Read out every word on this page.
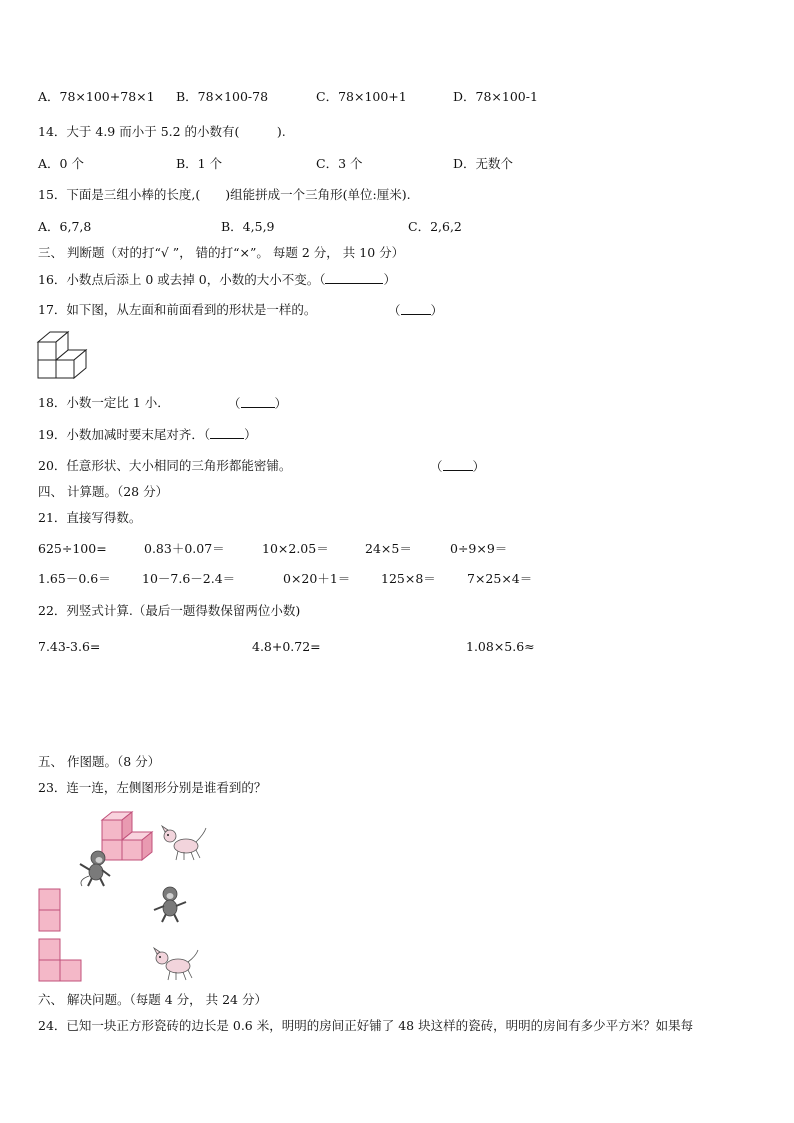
A．78×100+78×1 B．78×100-78	C．78×100+1	D．78×100-1
14．大于 4.9 而小于 5.2 的小数有(　　　).
A．0 个	B．1 个	C．3 个	D．无数个
15．下面是三组小棒的长度,(　　)组能拼成一个三角形(单位:厘米).
A．6,7,8	B．4,5,9	C．2,6,2
三、 判断题（对的打“√ ”， 错的打“×”。 每题 2 分， 共 10 分）
16．小数点后添上 0 或去掉 0，小数的大小不变。（	）
17．如下图，从左面和前面看到的形状是一样的。	（ ）
18．小数一定比 1 小．	（	）
19．小数加减时要末尾对齐．（	）
20．任意形状、大小相同的三角形都能密铺。	（ ）
四、 计算题。（28 分）
21．直接写得数。
625÷100=	0.83＋0.07＝	10×2.05＝	24×5＝	0÷9×9＝
1.65－0.6＝	10－7.6－2.4＝	0×20＋1＝ 125×8＝ 7×25×4＝
22．列竖式计算.（最后一题得数保留两位小数)
7.43-3.6=	4.8+0.72=	1.08×5.6≈
五、 作图题。（8 分）
23．连一连，左侧图形分别是谁看到的？
六、 解决问题。（每题 4 分， 共 24 分）
24．已知一块正方形瓷砖的边长是 0.6 米，明明的房间正好铺了 48 块这样的瓷砖，明明的房间有多少平方米？如果每
